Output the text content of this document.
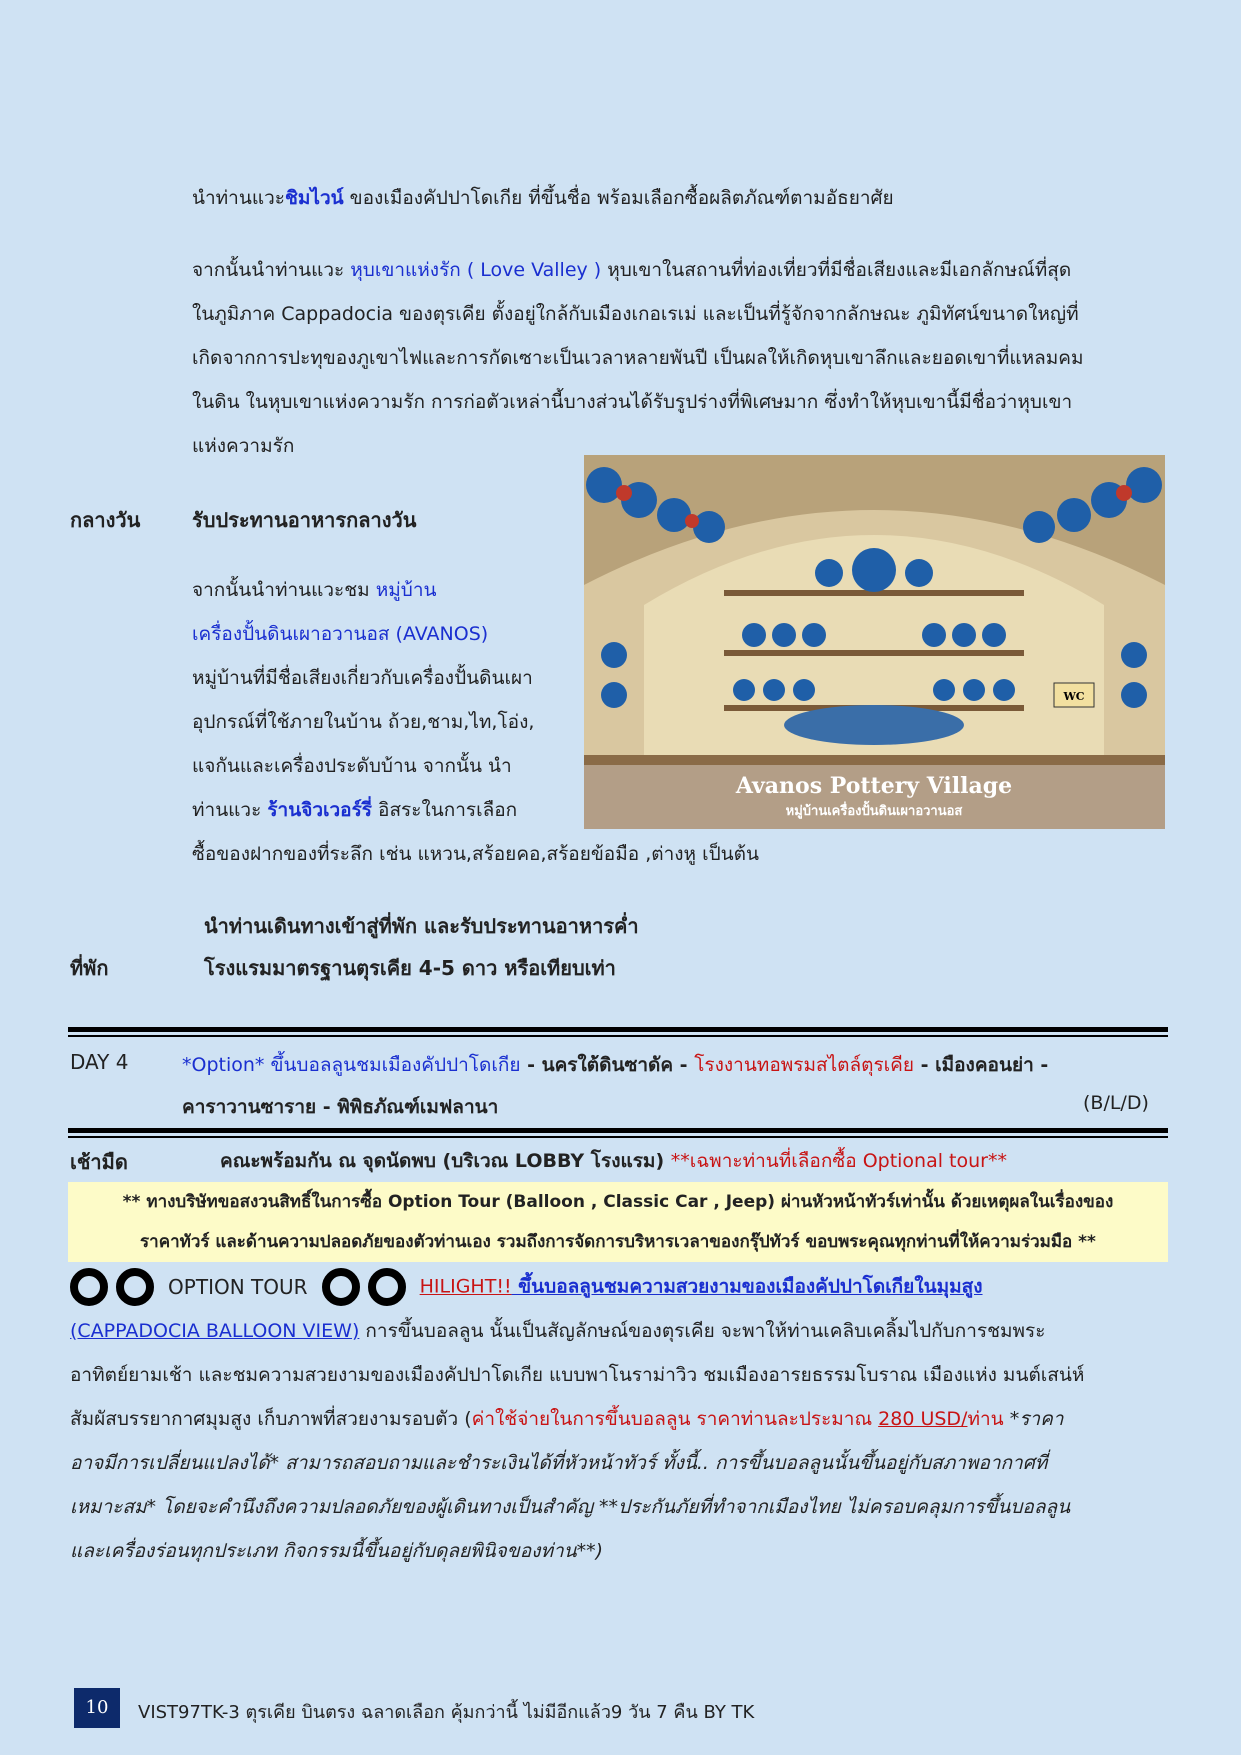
นำท่านแวะชิมไวน์ ของเมืองคัปปาโดเกีย ที่ขึ้นชื่อ พร้อมเลือกซื้อผลิตภัณฑ์ตามอัธยาศัย
จากนั้นนำท่านแวะ หุบเขาแห่งรัก ( Love Valley ) หุบเขาในสถานที่ท่องเที่ยวที่มีชื่อเสียงและมีเอกลักษณ์ที่สุด
ในภูมิภาค Cappadocia ของตุรเคีย ตั้งอยู่ใกล้กับเมืองเกอเรเม่ และเป็นที่รู้จักจากลักษณะ ภูมิทัศน์ขนาดใหญ่ที่
เกิดจากการปะทุของภูเขาไฟและการกัดเซาะเป็นเวลาหลายพันปี เป็นผลให้เกิดหุบเขาลึกและยอดเขาที่แหลมคม
ในดิน ในหุบเขาแห่งความรัก การก่อตัวเหล่านี้บางส่วนได้รับรูปร่างที่พิเศษมาก ซึ่งทำให้หุบเขานี้มีชื่อว่าหุบเขา
แห่งความรัก
กลางวัน	รับประทานอาหารกลางวัน
WC
Avanos Pottery Village
หมู่บ้านเครื่องปั้นดินเผาอวานอส
จากนั้นนำท่านแวะชม หมู่บ้าน
เครื่องปั้นดินเผาอวานอส (AVANOS)
หมู่บ้านที่มีชื่อเสียงเกี่ยวกับเครื่องปั้นดินเผา
อุปกรณ์ที่ใช้ภายในบ้าน ถ้วย,ชาม,ไท,โอ่ง,
แจกันและเครื่องประดับบ้าน จากนั้น นำ
ท่านแวะ ร้านจิวเวอร์รี่ อิสระในการเลือก
ซื้อของฝากของที่ระลึก เช่น แหวน,สร้อยคอ,สร้อยข้อมือ ,ต่างหู เป็นต้น
นำท่านเดินทางเข้าสู่ที่พัก และรับประทานอาหารค่ำ
ที่พัก	โรงแรมมาตรฐานตุรเคีย 4-5 ดาว หรือเทียบเท่า
DAY 4	*Option* ขึ้นบอลลูนชมเมืองคัปปาโดเกีย - นครใต้ดินซาดัค - โรงงานทอพรมสไตล์ตุรเคีย - เมืองคอนย่า -
คาราวานซาราย - พิพิธภัณฑ์เมฟลานา	(B/L/D)
เช้ามืด	คณะพร้อมกัน ณ จุดนัดพบ (บริเวณ LOBBY โรงแรม) **เฉพาะท่านที่เลือกซื้อ Optional tour**
** ทางบริษัทขอสงวนสิทธิ์ในการซื้อ Option Tour (Balloon , Classic Car , Jeep) ผ่านหัวหน้าทัวร์เท่านั้น ด้วยเหตุผลในเรื่องของ
ราคาทัวร์ และด้านความปลอดภัยของตัวท่านเอง รวมถึงการจัดการบริหารเวลาของกรุ๊ปทัวร์ ขอบพระคุณทุกท่านที่ให้ความร่วมมือ **
OPTION TOUR	HILIGHT!! ขึ้นบอลลูนชมความสวยงามของเมืองคัปปาโดเกียในมุมสูง
(CAPPADOCIA BALLOON VIEW) การขึ้นบอลลูน นั้นเป็นสัญลักษณ์ของตุรเคีย จะพาให้ท่านเคลิบเคลิ้มไปกับการชมพระ
อาทิตย์ยามเช้า และชมความสวยงามของเมืองคัปปาโดเกีย แบบพาโนราม่าวิว ชมเมืองอารยธรรมโบราณ เมืองแห่ง มนต์เสน่ห์
สัมผัสบรรยากาศมุมสูง เก็บภาพที่สวยงามรอบตัว (ค่าใช้จ่ายในการขึ้นบอลลูน ราคาท่านละประมาณ 280 USD/ท่าน *ราคา
อาจมีการเปลี่ยนแปลงได้* สามารถสอบถามและชำระเงินได้ที่หัวหน้าทัวร์ ทั้งนี้.. การขึ้นบอลลูนนั้นขึ้นอยู่กับสภาพอากาศที่
เหมาะสม* โดยจะคำนึงถึงความปลอดภัยของผู้เดินทางเป็นสำคัญ **ประกันภัยที่ทำจากเมืองไทย ไม่ครอบคลุมการขึ้นบอลลูน
และเครื่องร่อนทุกประเภท กิจกรรมนี้ขึ้นอยู่กับดุลยพินิจของท่าน**)
10	VIST97TK-3 ตุรเคีย บินตรง ฉลาดเลือก คุ้มกว่านี้ ไม่มีอีกแล้ว9 วัน 7 คืน BY TK
